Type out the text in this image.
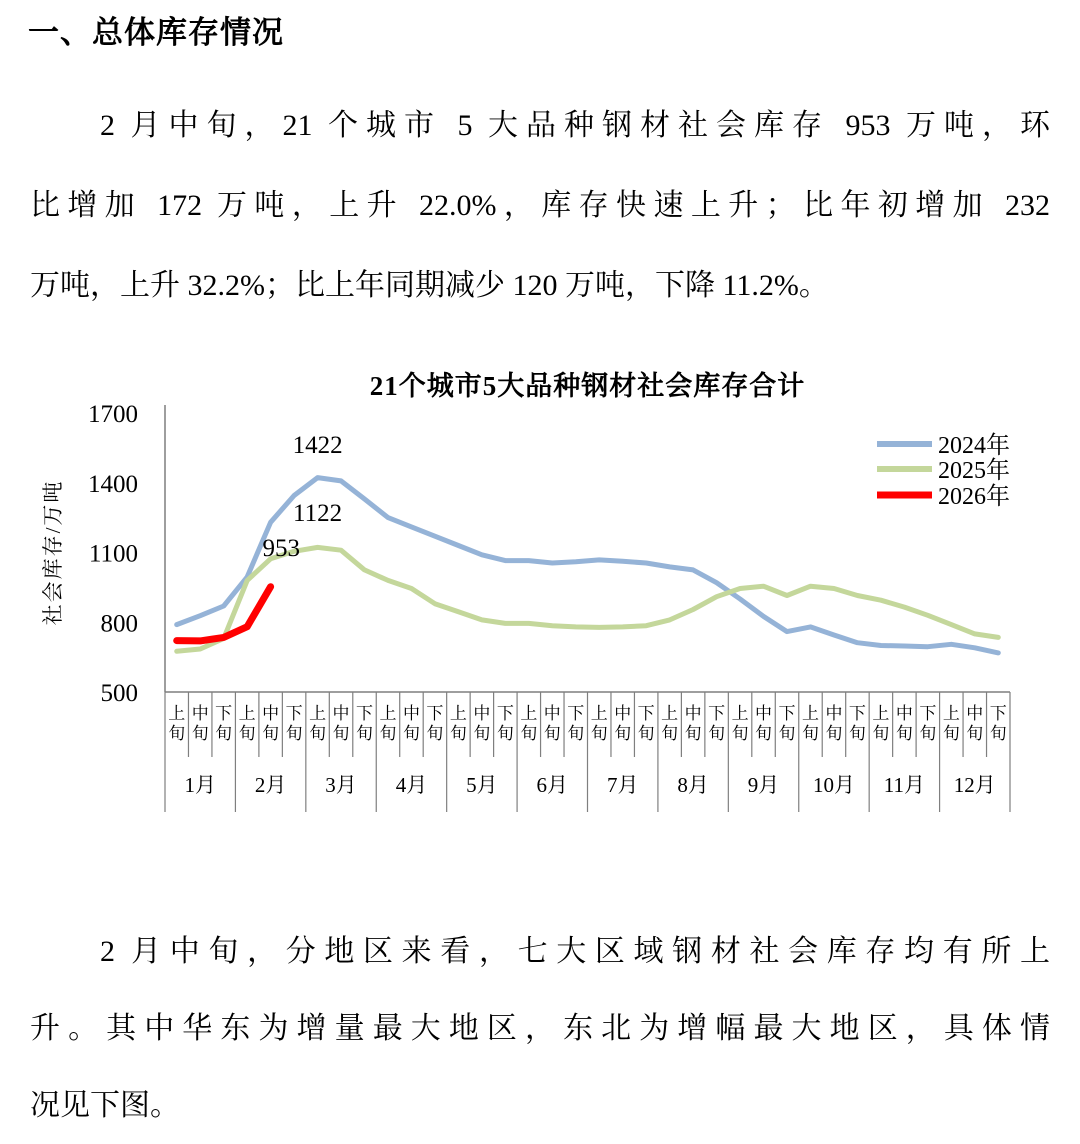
一、总体库存情况
2 月中旬，21 个城市 5 大品种钢材社会库存 953 万吨，环
比增加 172 万吨，上升 22.0%，库存快速上升；比年初增加 232
万吨，上升 32.2%；比上年同期减少 120 万吨，下降 11.2%。
21个城市5大品种钢材社会库存合计
500
800
1100
1400
1700
社会库存/万吨
上旬
中旬
下旬
上旬
中旬
下旬
上旬
中旬
下旬
上旬
中旬
下旬
上旬
中旬
下旬
上旬
中旬
下旬
上旬
中旬
下旬
上旬
中旬
下旬
上旬
中旬
下旬
上旬
中旬
下旬
上旬
中旬
下旬
上旬
中旬
下旬
1月 2月 3月 4月 5月 6月 7月 8月 9月 10月 11月 12月
2024年
2025年
2026年
1422
1122
953
2 月中旬，分地区来看，七大区域钢材社会库存均有所上
升。其中华东为增量最大地区，东北为增幅最大地区，具体情
况见下图。
